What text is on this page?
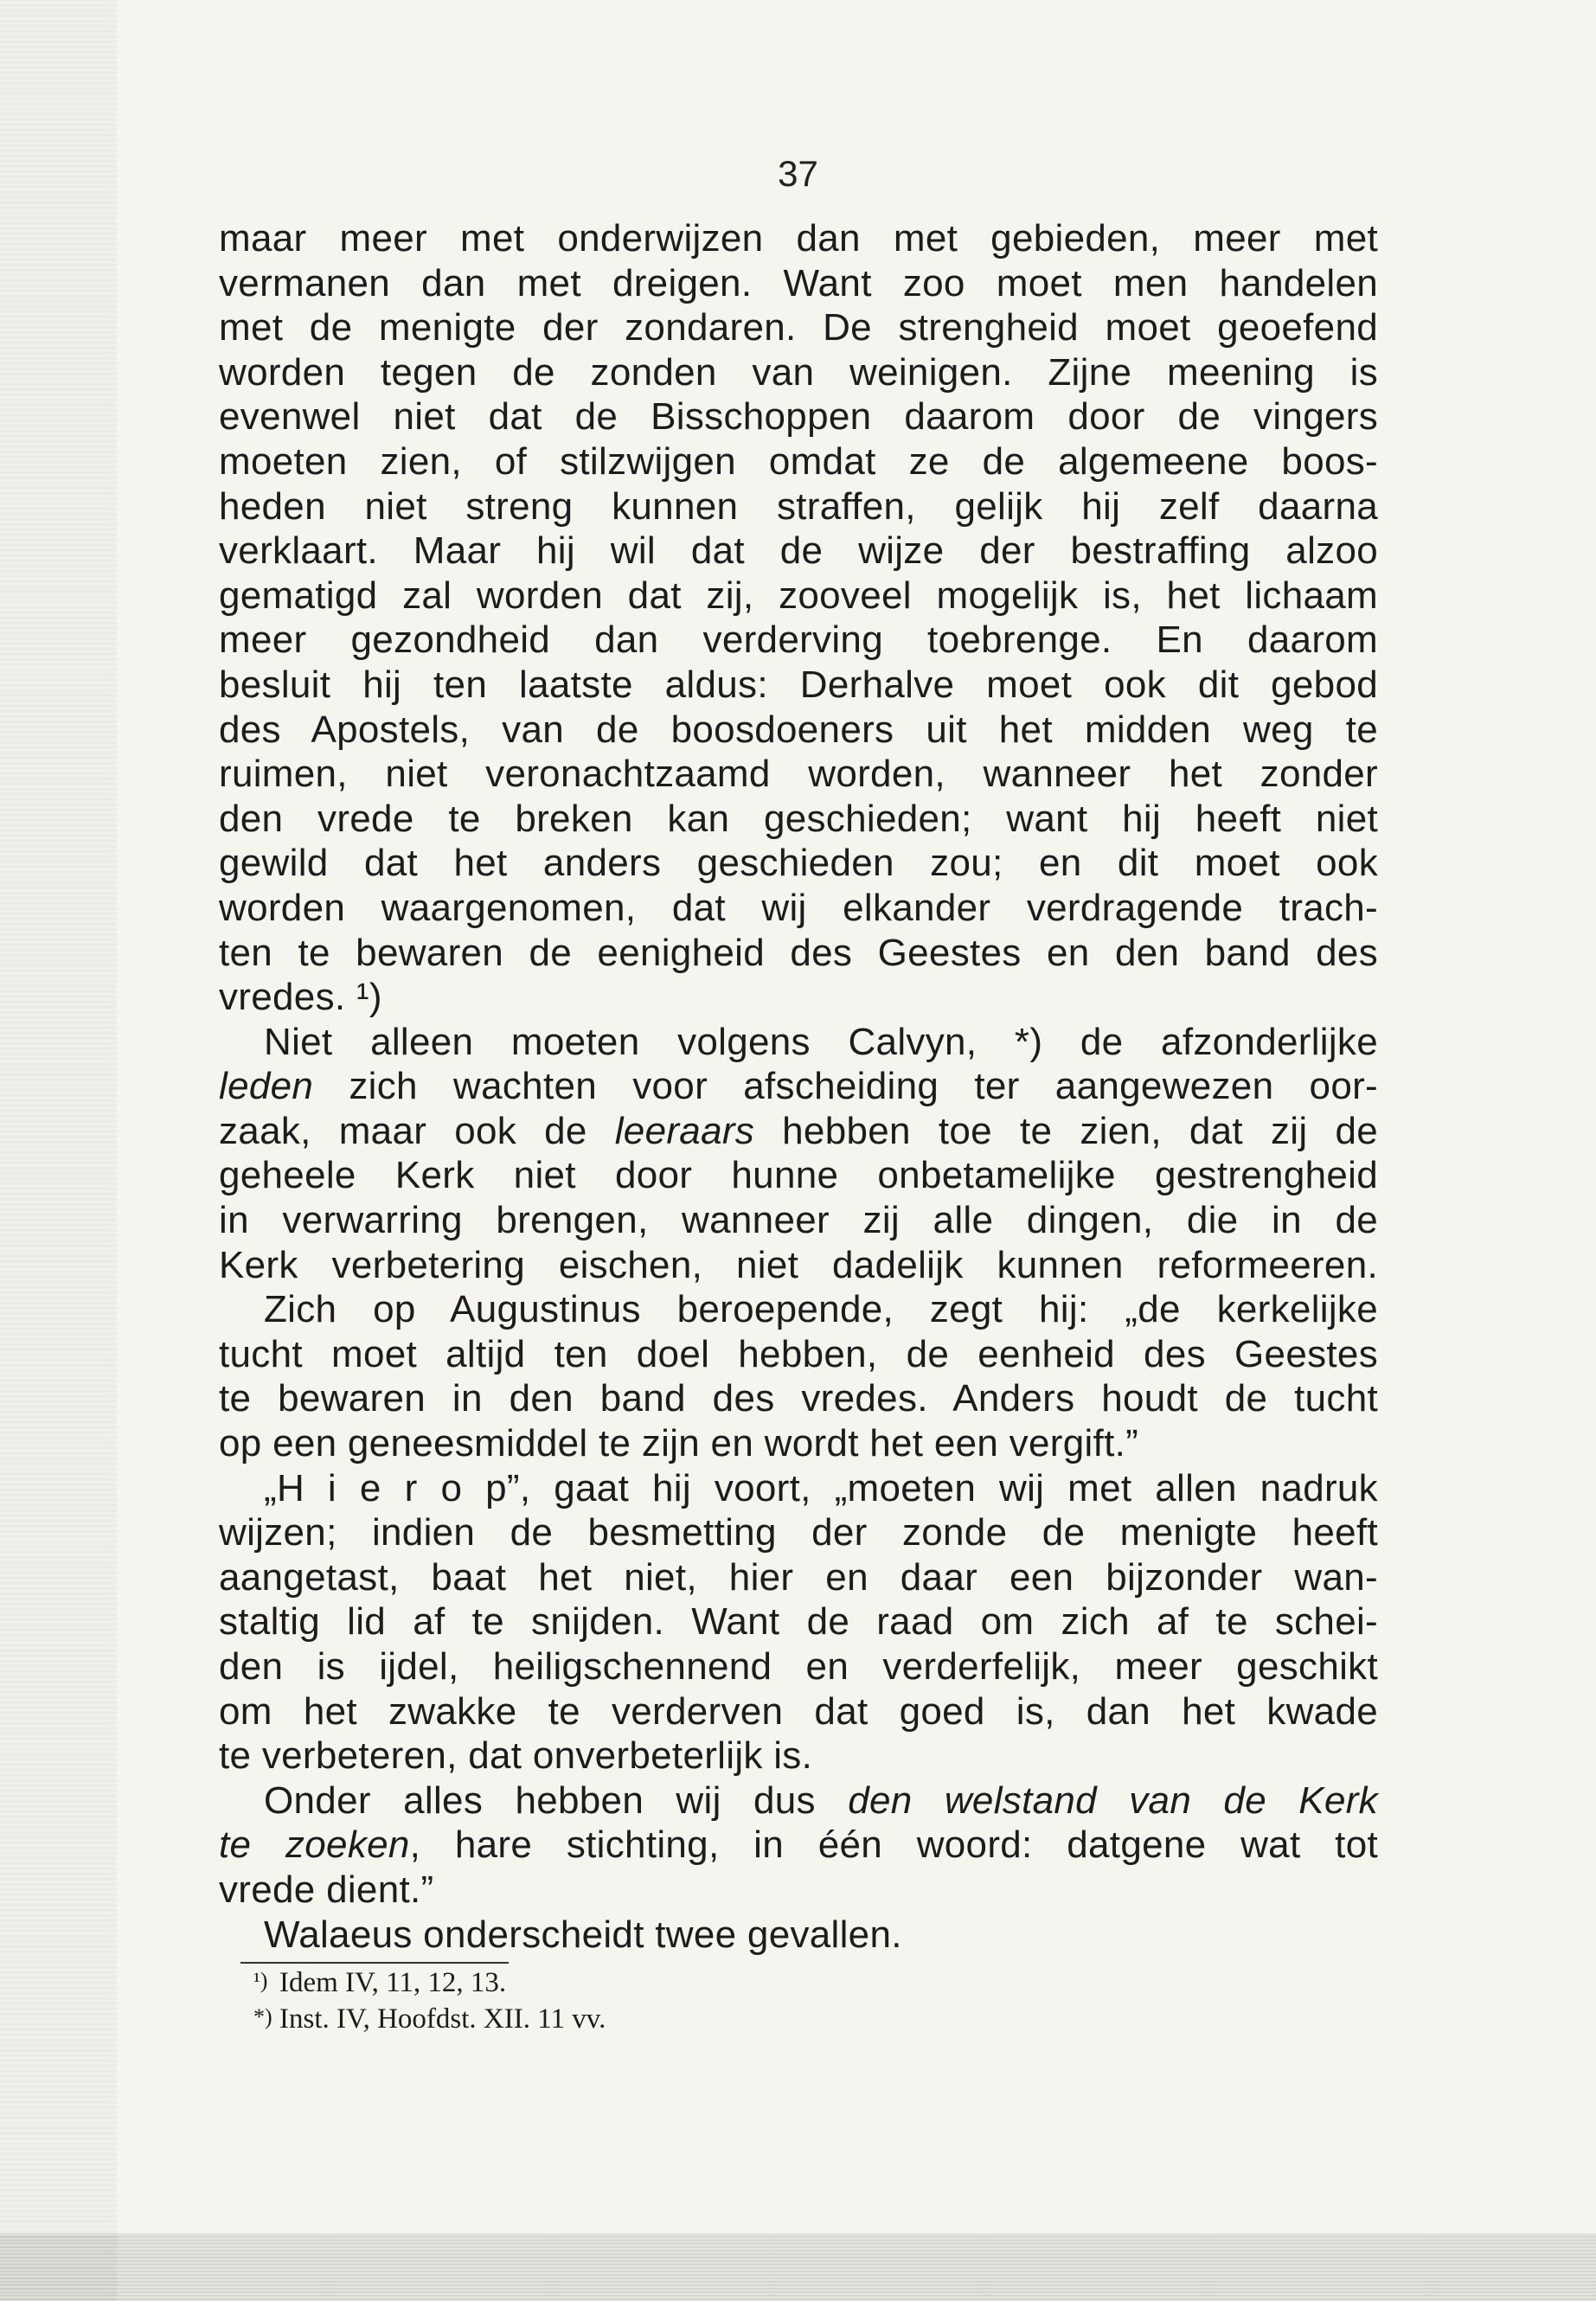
37
maar meer met onderwijzen dan met gebieden, meer met
vermanen dan met dreigen. Want zoo moet men handelen
met de menigte der zondaren. De strengheid moet geoefend
worden tegen de zonden van weinigen. Zijne meening is
evenwel niet dat de Bisschoppen daarom door de vingers
moeten zien, of stilzwijgen omdat ze de algemeene boos-
heden niet streng kunnen straffen, gelijk hij zelf daarna
verklaart. Maar hij wil dat de wijze der bestraffing alzoo
gematigd zal worden dat zij, zooveel mogelijk is, het lichaam
meer gezondheid dan verderving toebrenge. En daarom
besluit hij ten laatste aldus: Derhalve moet ook dit gebod
des Apostels, van de boosdoeners uit het midden weg te
ruimen, niet veronachtzaamd worden, wanneer het zonder
den vrede te breken kan geschieden; want hij heeft niet
gewild dat het anders geschieden zou; en dit moet ook
worden waargenomen, dat wij elkander verdragende trach-
ten te bewaren de eenigheid des Geestes en den band des
vredes. ¹)
Niet alleen moeten volgens Calvyn, *) de afzonderlijke
leden zich wachten voor afscheiding ter aangewezen oor-
zaak, maar ook de leeraars hebben toe te zien, dat zij de
geheele Kerk niet door hunne onbetamelijke gestrengheid
in verwarring brengen, wanneer zij alle dingen, die in de
Kerk verbetering eischen, niet dadelijk kunnen reformeeren.
Zich op Augustinus beroepende, zegt hij: „de kerkelijke
tucht moet altijd ten doel hebben, de eenheid des Geestes
te bewaren in den band des vredes. Anders houdt de tucht
op een geneesmiddel te zijn en wordt het een vergift.”
„H i e r o p”, gaat hij voort, „moeten wij met allen nadruk
wijzen; indien de besmetting der zonde de menigte heeft
aangetast, baat het niet, hier en daar een bijzonder wan-
staltig lid af te snijden. Want de raad om zich af te schei-
den is ijdel, heiligschennend en verderfelijk, meer geschikt
om het zwakke te verderven dat goed is, dan het kwade
te verbeteren, dat onverbeterlijk is.
Onder alles hebben wij dus den welstand van de Kerk
te zoeken, hare stichting, in één woord: datgene wat tot
vrede dient.”
Walaeus onderscheidt twee gevallen.
¹) Idem IV, 11, 12, 13.
*) Inst. IV, Hoofdst. XII. 11 vv.
